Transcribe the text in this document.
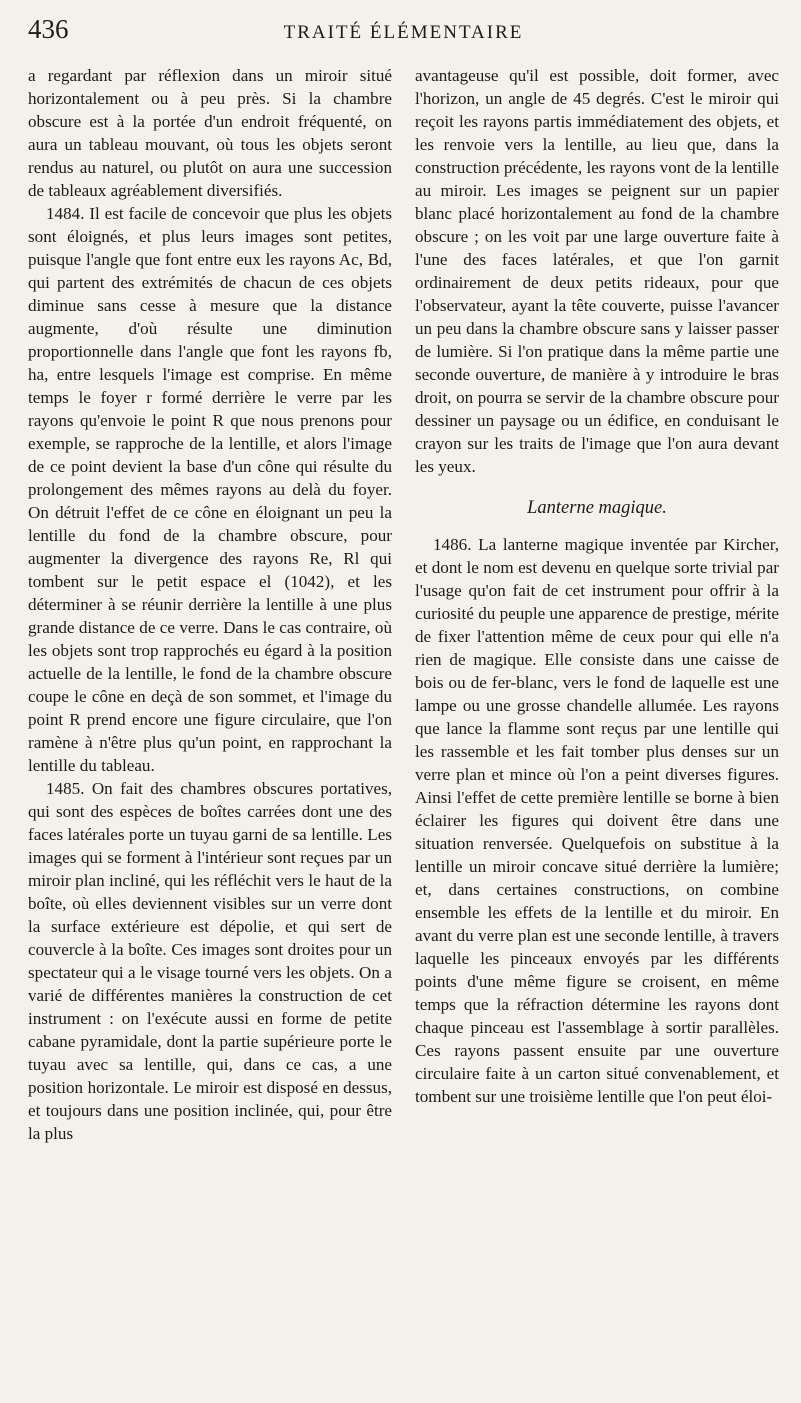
436	TRAITÉ ÉLÉMENTAIRE

a regardant par réflexion dans un miroir situé horizontalement ou à peu près. Si la chambre obscure est à la portée d'un endroit fréquenté, on aura un tableau mouvant, où tous les objets seront rendus au naturel, ou plutôt on aura une succession de tableaux agréablement diversifiés.

1484. Il est facile de concevoir que plus les objets sont éloignés, et plus leurs images sont petites, puisque l'angle que font entre eux les rayons Ac, Bd, qui partent des extrémités de chacun de ces objets diminue sans cesse à mesure que la distance augmente, d'où résulte une diminution proportionnelle dans l'angle que font les rayons fb, ha, entre lesquels l'image est comprise. En même temps le foyer r formé derrière le verre par les rayons qu'envoie le point R que nous prenons pour exemple, se rapproche de la lentille, et alors l'image de ce point devient la base d'un cône qui résulte du prolongement des mêmes rayons au delà du foyer. On détruit l'effet de ce cône en éloignant un peu la lentille du fond de la chambre obscure, pour augmenter la divergence des rayons Re, Rl qui tombent sur le petit espace el (1042), et les déterminer à se réunir derrière la lentille à une plus grande distance de ce verre. Dans le cas contraire, où les objets sont trop rapprochés eu égard à la position actuelle de la lentille, le fond de la chambre obscure coupe le cône en deçà de son sommet, et l'image du point R prend encore une figure circulaire, que l'on ramène à n'être plus qu'un point, en rapprochant la lentille du tableau.

1485. On fait des chambres obscures portatives, qui sont des espèces de boîtes carrées dont une des faces latérales porte un tuyau garni de sa lentille. Les images qui se forment à l'intérieur sont reçues par un miroir plan incliné, qui les réfléchit vers le haut de la boîte, où elles deviennent visibles sur un verre dont la surface extérieure est dépolie, et qui sert de couvercle à la boîte. Ces images sont droites pour un spectateur qui a le visage tourné vers les objets. On a varié de différentes manières la construction de cet instrument : on l'exécute aussi en forme de petite cabane pyramidale, dont la partie supérieure porte le tuyau avec sa lentille, qui, dans ce cas, a une position horizontale. Le miroir est disposé en dessus, et toujours dans une position inclinée, qui, pour être la plus

avantageuse qu'il est possible, doit former, avec l'horizon, un angle de 45 degrés. C'est le miroir qui reçoit les rayons partis immédiatement des objets, et les renvoie vers la lentille, au lieu que, dans la construction précédente, les rayons vont de la lentille au miroir. Les images se peignent sur un papier blanc placé horizontalement au fond de la chambre obscure ; on les voit par une large ouverture faite à l'une des faces latérales, et que l'on garnit ordinairement de deux petits rideaux, pour que l'observateur, ayant la tête couverte, puisse l'avancer un peu dans la chambre obscure sans y laisser passer de lumière. Si l'on pratique dans la même partie une seconde ouverture, de manière à y introduire le bras droit, on pourra se servir de la chambre obscure pour dessiner un paysage ou un édifice, en conduisant le crayon sur les traits de l'image que l'on aura devant les yeux.

Lanterne magique.

1486. La lanterne magique inventée par Kircher, et dont le nom est devenu en quelque sorte trivial par l'usage qu'on fait de cet instrument pour offrir à la curiosité du peuple une apparence de prestige, mérite de fixer l'attention même de ceux pour qui elle n'a rien de magique. Elle consiste dans une caisse de bois ou de fer-blanc, vers le fond de laquelle est une lampe ou une grosse chandelle allumée. Les rayons que lance la flamme sont reçus par une lentille qui les rassemble et les fait tomber plus denses sur un verre plan et mince où l'on a peint diverses figures. Ainsi l'effet de cette première lentille se borne à bien éclairer les figures qui doivent être dans une situation renversée. Quelquefois on substitue à la lentille un miroir concave situé derrière la lumière; et, dans certaines constructions, on combine ensemble les effets de la lentille et du miroir. En avant du verre plan est une seconde lentille, à travers laquelle les pinceaux envoyés par les différents points d'une même figure se croisent, en même temps que la réfraction détermine les rayons dont chaque pinceau est l'assemblage à sortir parallèles. Ces rayons passent ensuite par une ouverture circulaire faite à un carton situé convenablement, et tombent sur une troisième lentille que l'on peut éloi-
